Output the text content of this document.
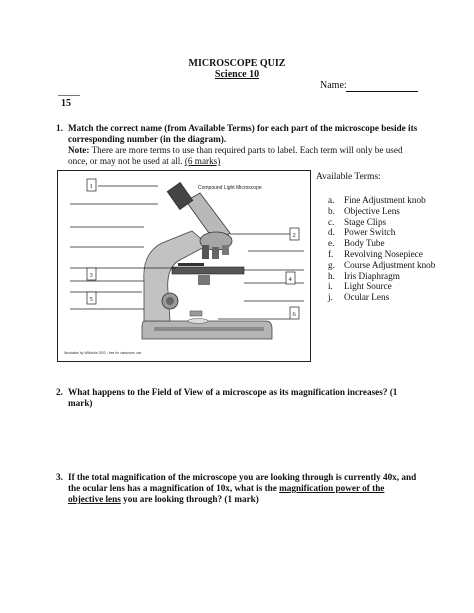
MICROSCOPE QUIZ
Science 10
Name:
15
1. Match the correct name (from Available Terms) for each part of the microscope beside its corresponding number (in the diagram).
Note: There are more terms to use than required parts to label. Each term will only be used once, or may not be used at all. (6 marks)
Compound Light Microscope
1
2
3
4
5
6
Illustration by WMahrle 2002 - free for classroom use
Available Terms:
a. Fine Adjustment knob
b. Objective Lens
c. Stage Clips
d. Power Switch
e. Body Tube
f. Revolving Nosepiece
g. Course Adjustment knob
h. Iris Diaphragm
i. Light Source
j. Ocular Lens
2. What happens to the Field of View of a microscope as its magnification increases? (1 mark)
3. If the total magnification of the microscope you are looking through is currently 40x, and the ocular lens has a magnification of 10x, what is the magnification power of the objective lens you are looking through? (1 mark)
